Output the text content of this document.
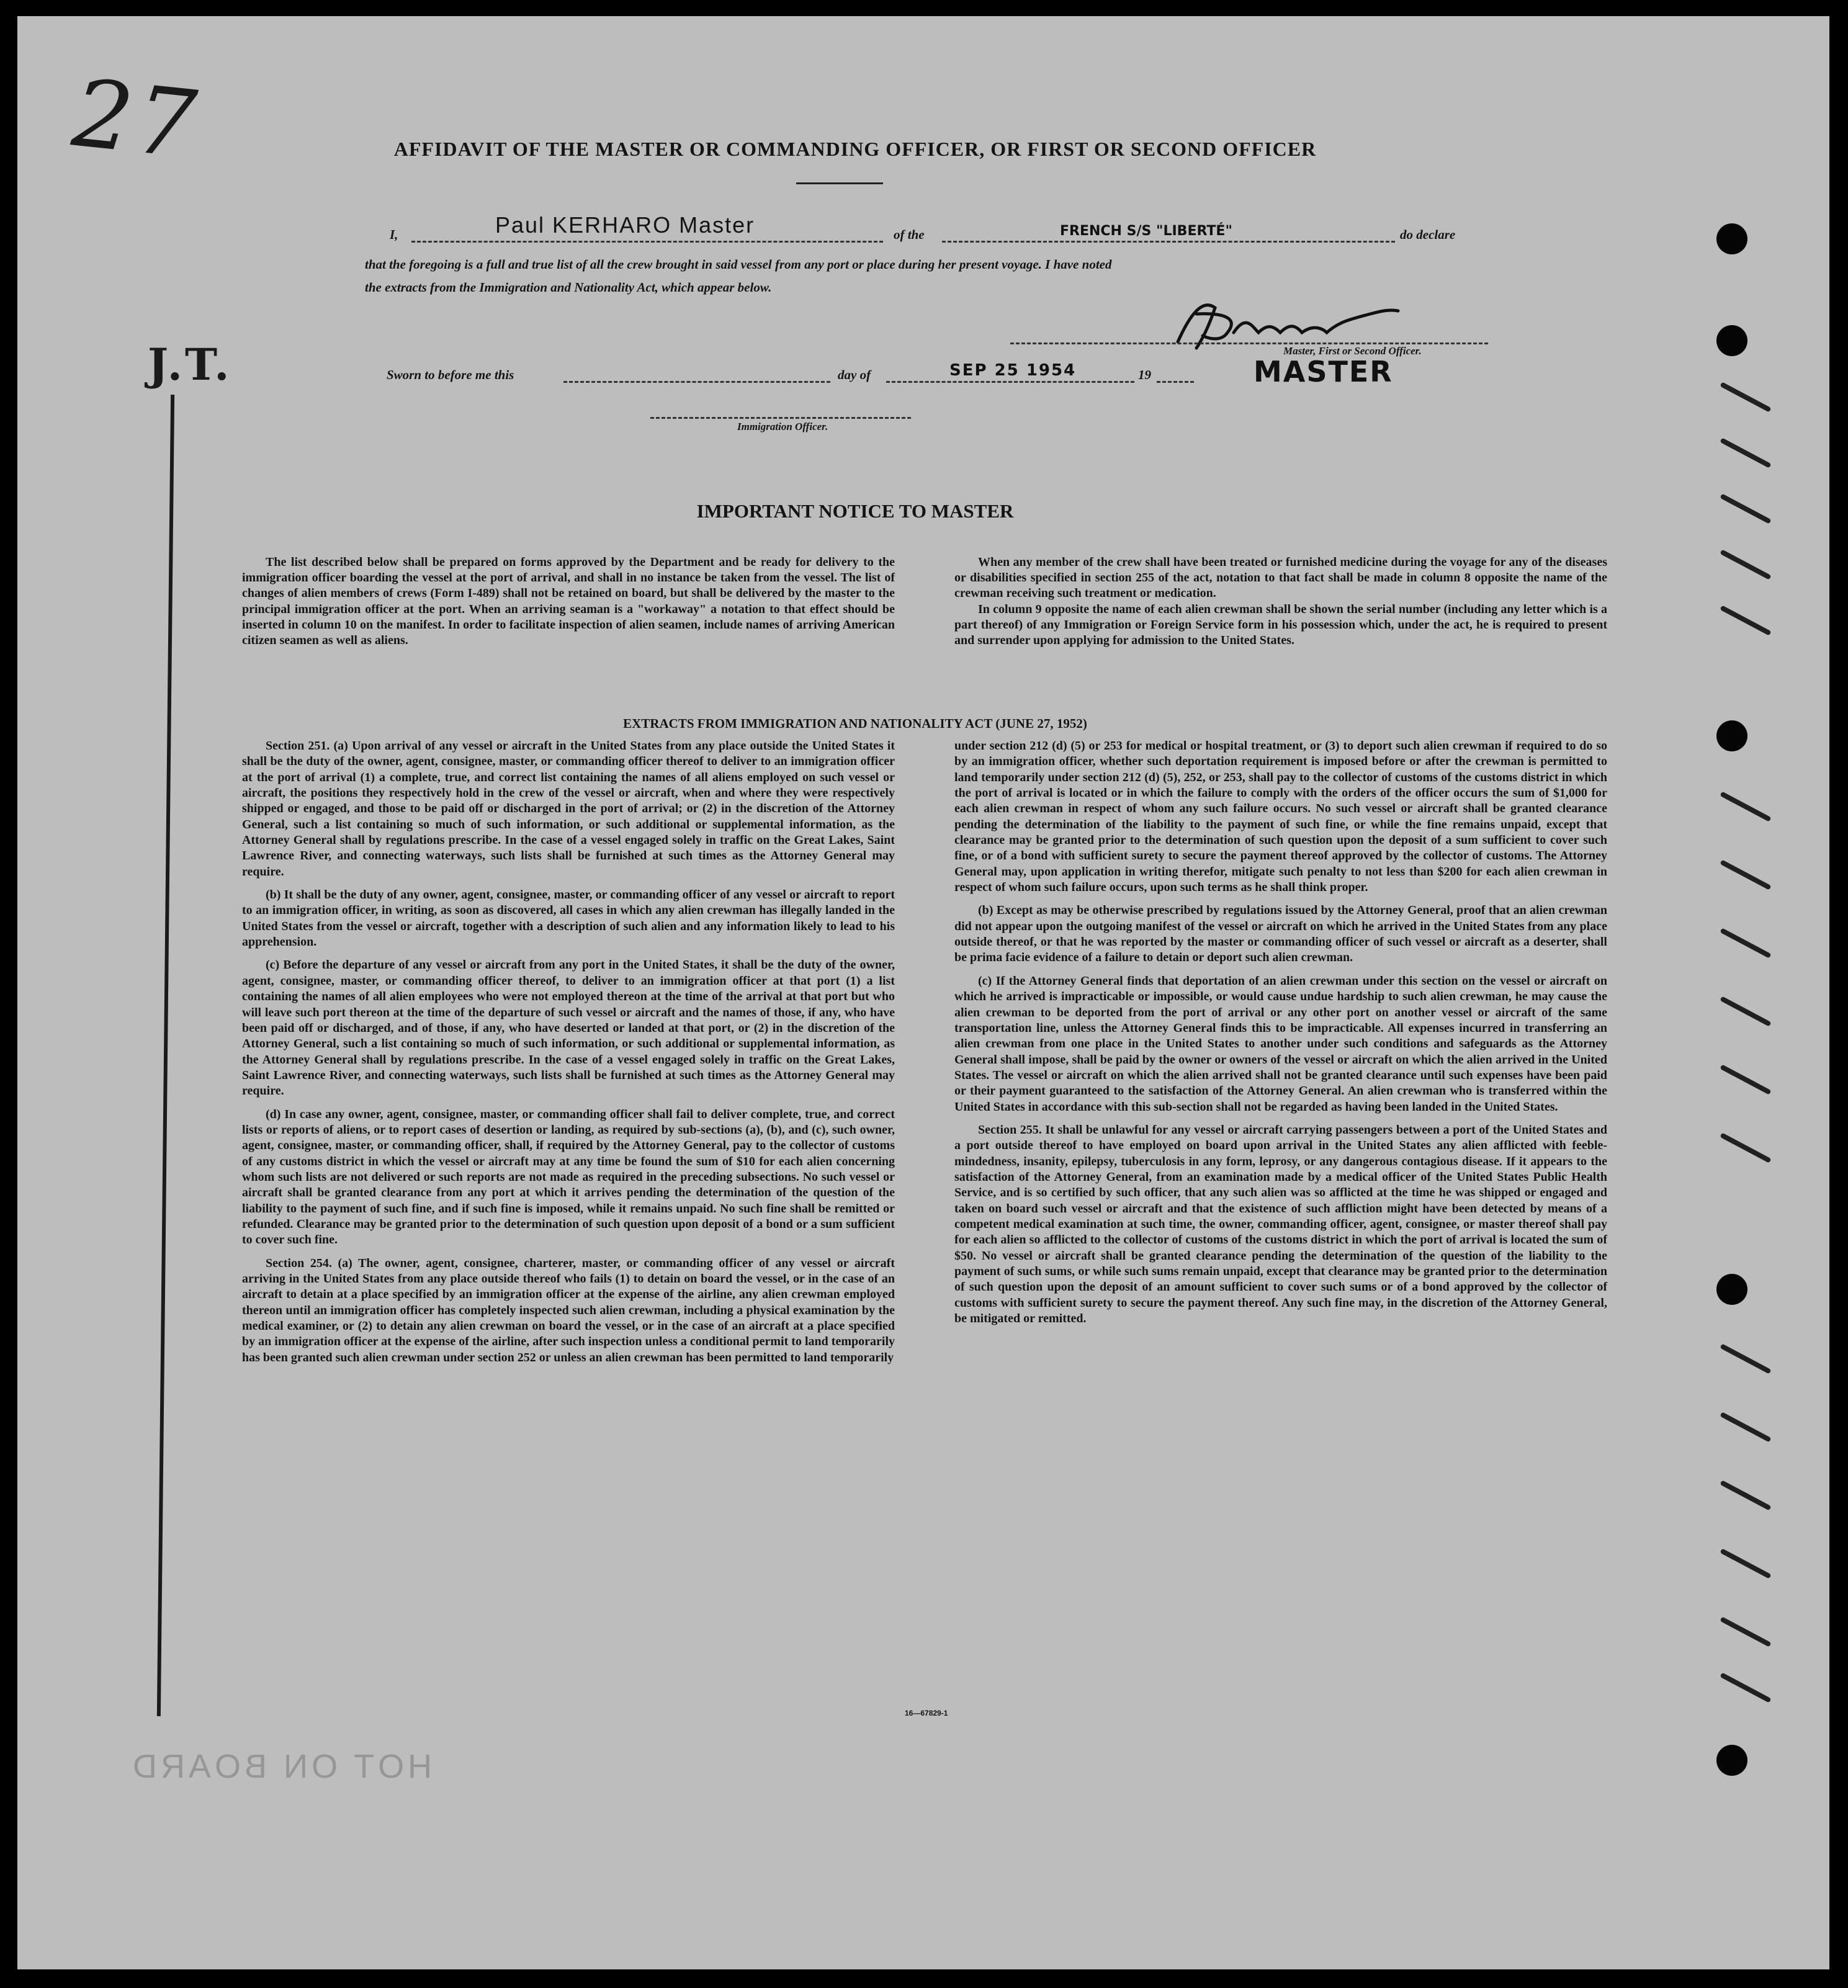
27
J.T.
HOT ON BOARD
AFFIDAVIT OF THE MASTER OR COMMANDING OFFICER, OR FIRST OR SECOND OFFICER
I,	Paul KERHARO Master	of the	FRENCH S/S "LIBERTÉ"	do declare
that the foregoing is a full and true list of all the crew brought in said vessel from any port or place during her present voyage. I have noted
the extracts from the Immigration and Nationality Act, which appear below.
Master, First or Second Officer.
MASTER
Sworn to before me this	day of	SEP 25 1954	19
Immigration Officer.
IMPORTANT NOTICE TO MASTER

The list described below shall be prepared on forms approved by the Department and be ready for delivery to the immigration officer boarding the vessel at the port of arrival, and shall in no instance be taken from the vessel. The list of changes of alien members of crews (Form I-489) shall not be retained on board, but shall be delivered by the master to the principal immigration officer at the port. When an arriving seaman is a "workaway" a notation to that effect should be inserted in column 10 on the manifest. In order to facilitate inspection of alien seamen, include names of arriving American citizen seamen as well as aliens.

When any member of the crew shall have been treated or furnished medicine during the voyage for any of the diseases or disabilities specified in section 255 of the act, notation to that fact shall be made in column 8 opposite the name of the crewman receiving such treatment or medication.

In column 9 opposite the name of each alien crewman shall be shown the serial number (including any letter which is a part thereof) of any Immigration or Foreign Service form in his possession which, under the act, he is required to present and surrender upon applying for admission to the United States.

EXTRACTS FROM IMMIGRATION AND NATIONALITY ACT (JUNE 27, 1952)

Section 251. (a) Upon arrival of any vessel or aircraft in the United States from any place outside the United States it shall be the duty of the owner, agent, consignee, master, or commanding officer thereof to deliver to an immigration officer at the port of arrival (1) a complete, true, and correct list containing the names of all aliens employed on such vessel or aircraft, the positions they respectively hold in the crew of the vessel or aircraft, when and where they were respectively shipped or engaged, and those to be paid off or discharged in the port of arrival; or (2) in the discretion of the Attorney General, such a list containing so much of such information, or such additional or supplemental information, as the Attorney General shall by regulations prescribe. In the case of a vessel engaged solely in traffic on the Great Lakes, Saint Lawrence River, and connecting waterways, such lists shall be furnished at such times as the Attorney General may require.

(b) It shall be the duty of any owner, agent, consignee, master, or commanding officer of any vessel or aircraft to report to an immigration officer, in writing, as soon as discovered, all cases in which any alien crewman has illegally landed in the United States from the vessel or aircraft, together with a description of such alien and any information likely to lead to his apprehension.

(c) Before the departure of any vessel or aircraft from any port in the United States, it shall be the duty of the owner, agent, consignee, master, or commanding officer thereof, to deliver to an immigration officer at that port (1) a list containing the names of all alien employees who were not employed thereon at the time of the arrival at that port but who will leave such port thereon at the time of the departure of such vessel or aircraft and the names of those, if any, who have been paid off or discharged, and of those, if any, who have deserted or landed at that port, or (2) in the discretion of the Attorney General, such a list containing so much of such information, or such additional or supplemental information, as the Attorney General shall by regulations prescribe. In the case of a vessel engaged solely in traffic on the Great Lakes, Saint Lawrence River, and connecting waterways, such lists shall be furnished at such times as the Attorney General may require.

(d) In case any owner, agent, consignee, master, or commanding officer shall fail to deliver complete, true, and correct lists or reports of aliens, or to report cases of desertion or landing, as required by sub-sections (a), (b), and (c), such owner, agent, consignee, master, or commanding officer, shall, if required by the Attorney General, pay to the collector of customs of any customs district in which the vessel or aircraft may at any time be found the sum of $10 for each alien concerning whom such lists are not delivered or such reports are not made as required in the preceding subsections. No such vessel or aircraft shall be granted clearance from any port at which it arrives pending the determination of the question of the liability to the payment of such fine, and if such fine is imposed, while it remains unpaid. No such fine shall be remitted or refunded. Clearance may be granted prior to the determination of such question upon deposit of a bond or a sum sufficient to cover such fine.

Section 254. (a) The owner, agent, consignee, charterer, master, or commanding officer of any vessel or aircraft arriving in the United States from any place outside thereof who fails (1) to detain on board the vessel, or in the case of an aircraft to detain at a place specified by an immigration officer at the expense of the airline, any alien crewman employed thereon until an immigration officer has completely inspected such alien crewman, including a physical examination by the medical examiner, or (2) to detain any alien crewman on board the vessel, or in the case of an aircraft at a place specified by an immigration officer at the expense of the airline, after such inspection unless a conditional permit to land temporarily has been granted such alien crewman under section 252 or unless an alien crewman has been permitted to land temporarily

under section 212 (d) (5) or 253 for medical or hospital treatment, or (3) to deport such alien crewman if required to do so by an immigration officer, whether such deportation requirement is imposed before or after the crewman is permitted to land temporarily under section 212 (d) (5), 252, or 253, shall pay to the collector of customs of the customs district in which the port of arrival is located or in which the failure to comply with the orders of the officer occurs the sum of $1,000 for each alien crewman in respect of whom any such failure occurs. No such vessel or aircraft shall be granted clearance pending the determination of the liability to the payment of such fine, or while the fine remains unpaid, except that clearance may be granted prior to the determination of such question upon the deposit of a sum sufficient to cover such fine, or of a bond with sufficient surety to secure the payment thereof approved by the collector of customs. The Attorney General may, upon application in writing therefor, mitigate such penalty to not less than $200 for each alien crewman in respect of whom such failure occurs, upon such terms as he shall think proper.

(b) Except as may be otherwise prescribed by regulations issued by the Attorney General, proof that an alien crewman did not appear upon the outgoing manifest of the vessel or aircraft on which he arrived in the United States from any place outside thereof, or that he was reported by the master or commanding officer of such vessel or aircraft as a deserter, shall be prima facie evidence of a failure to detain or deport such alien crewman.

(c) If the Attorney General finds that deportation of an alien crewman under this section on the vessel or aircraft on which he arrived is impracticable or impossible, or would cause undue hardship to such alien crewman, he may cause the alien crewman to be deported from the port of arrival or any other port on another vessel or aircraft of the same transportation line, unless the Attorney General finds this to be impracticable. All expenses incurred in transferring an alien crewman from one place in the United States to another under such conditions and safeguards as the Attorney General shall impose, shall be paid by the owner or owners of the vessel or aircraft on which the alien arrived in the United States. The vessel or aircraft on which the alien arrived shall not be granted clearance until such expenses have been paid or their payment guaranteed to the satisfaction of the Attorney General. An alien crewman who is transferred within the United States in accordance with this sub-section shall not be regarded as having been landed in the United States.

Section 255. It shall be unlawful for any vessel or aircraft carrying passengers between a port of the United States and a port outside thereof to have employed on board upon arrival in the United States any alien afflicted with feeble-mindedness, insanity, epilepsy, tuberculosis in any form, leprosy, or any dangerous contagious disease. If it appears to the satisfaction of the Attorney General, from an examination made by a medical officer of the United States Public Health Service, and is so certified by such officer, that any such alien was so afflicted at the time he was shipped or engaged and taken on board such vessel or aircraft and that the existence of such affliction might have been detected by means of a competent medical examination at such time, the owner, commanding officer, agent, consignee, or master thereof shall pay for each alien so afflicted to the collector of customs of the customs district in which the port of arrival is located the sum of $50. No vessel or aircraft shall be granted clearance pending the determination of the question of the liability to the payment of such sums, or while such sums remain unpaid, except that clearance may be granted prior to the determination of such question upon the deposit of an amount sufficient to cover such sums or of a bond approved by the collector of customs with sufficient surety to secure the payment thereof. Any such fine may, in the discretion of the Attorney General, be mitigated or remitted.

16—67829-1
